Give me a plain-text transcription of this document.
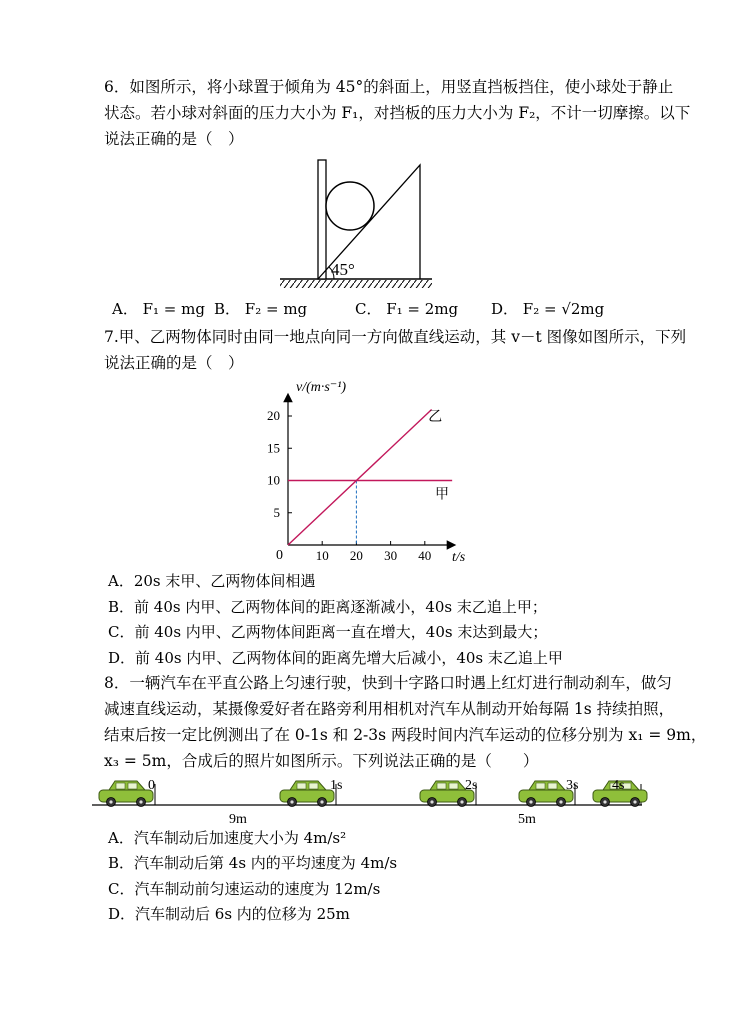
6．如图所示，将小球置于倾角为 45°的斜面上，用竖直挡板挡住，使小球处于静止
状态。若小球对斜面的压力大小为 F₁，对挡板的压力大小为 F₂，不计一切摩擦。以下
说法正确的是（　）
45°
A． F₁ = mg B． F₂ = mg	C． F₁ = 2mg D． F₂ = √2mg
7.甲、乙两物体同时由同一地点向同一方向做直线运动，其 v－t 图像如图所示，下列
说法正确的是（　）
10 20 30 40
5
10
15
20
甲
乙
v/(m·s⁻¹)
t/s
0
A．20s 末甲、乙两物体间相遇
B．前 40s 内甲、乙两物体间的距离逐渐减小，40s 末乙追上甲；
C．前 40s 内甲、乙两物体间距离一直在增大，40s 末达到最大；
D．前 40s 内甲、乙两物体间的距离先增大后减小，40s 末乙追上甲
8．一辆汽车在平直公路上匀速行驶，快到十字路口时遇上红灯进行制动刹车，做匀
减速直线运动，某摄像爱好者在路旁利用相机对汽车从制动开始每隔 1s 持续拍照，
结束后按一定比例测出了在 0-1s 和 2-3s 两段时间内汽车运动的位移分别为 x₁ = 9m，
x₃ = 5m，合成后的照片如图所示。下列说法正确的是（　　）
0	1s	2s	3s 4s
9m	5m
A．汽车制动后加速度大小为 4m/s²
B．汽车制动后第 4s 内的平均速度为 4m/s
C．汽车制动前匀速运动的速度为 12m/s
D．汽车制动后 6s 内的位移为 25m
